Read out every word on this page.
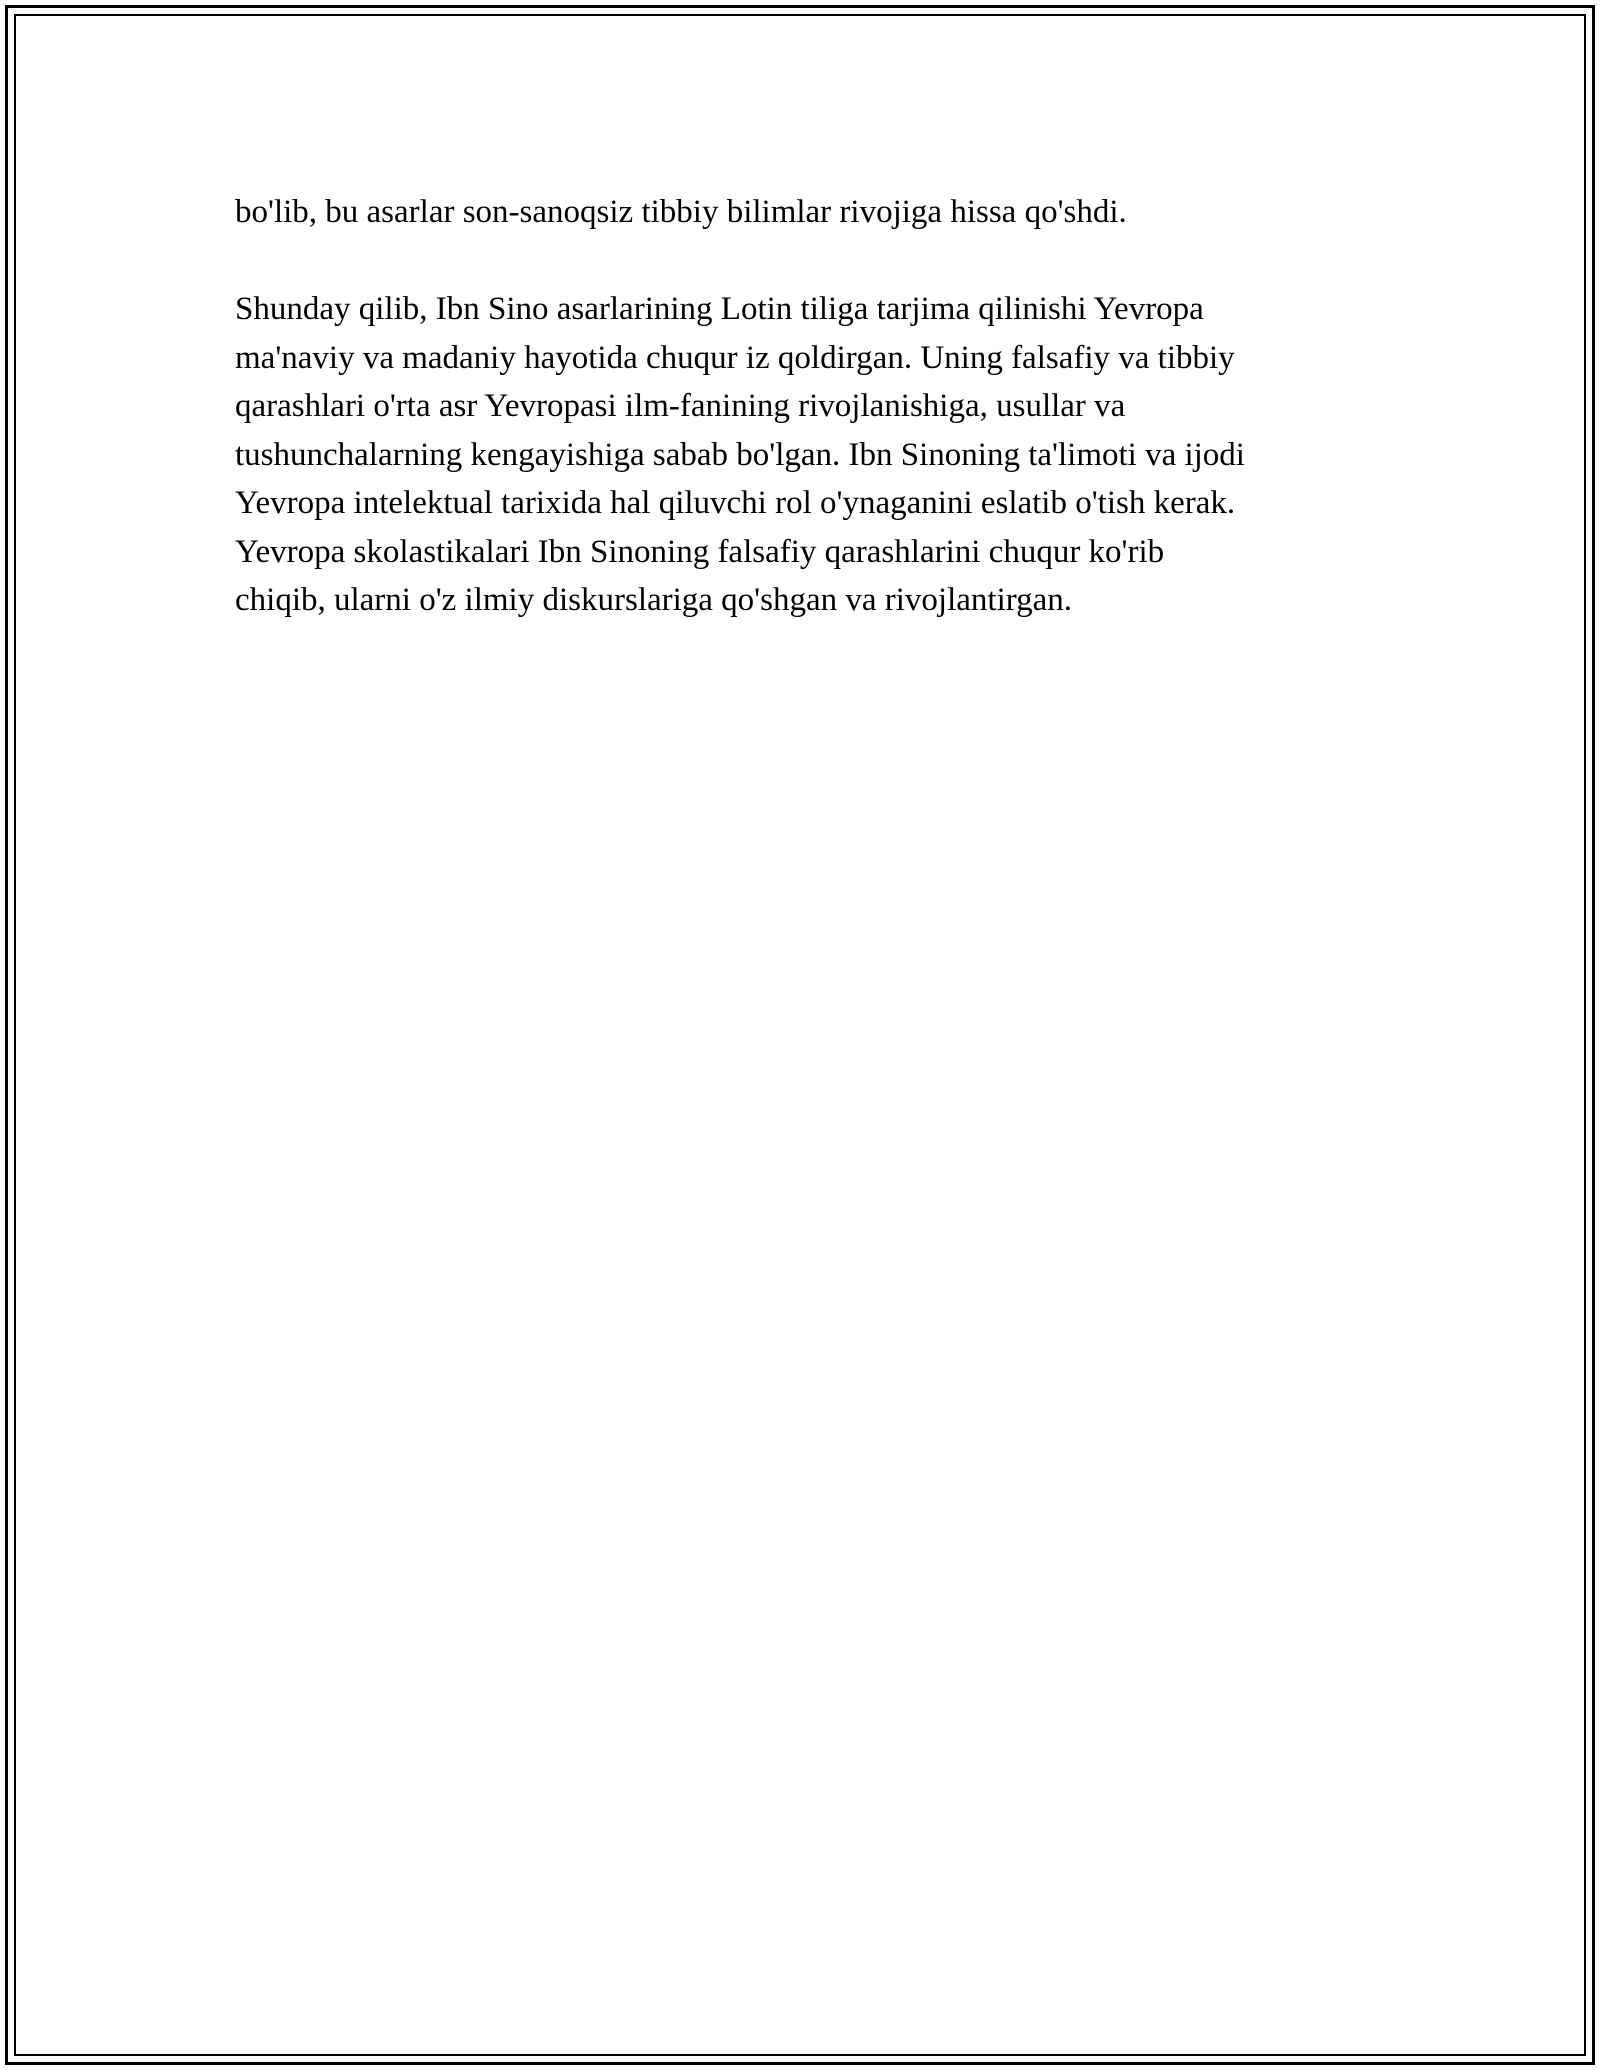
bo'lib, bu asarlar son-sanoqsiz tibbiy bilimlar rivojiga hissa qo'shdi.

Shunday qilib, Ibn Sino asarlarining Lotin tiliga tarjima qilinishi Yevropa
ma'naviy va madaniy hayotida chuqur iz qoldirgan. Uning falsafiy va tibbiy
qarashlari o'rta asr Yevropasi ilm-fanining rivojlanishiga, usullar va
tushunchalarning kengayishiga sabab bo'lgan. Ibn Sinoning ta'limoti va ijodi
Yevropa intelektual tarixida hal qiluvchi rol o'ynaganini eslatib o'tish kerak.
Yevropa skolastikalari Ibn Sinoning falsafiy qarashlarini chuqur ko'rib
chiqib, ularni o'z ilmiy diskurslariga qo'shgan va rivojlantirgan.
